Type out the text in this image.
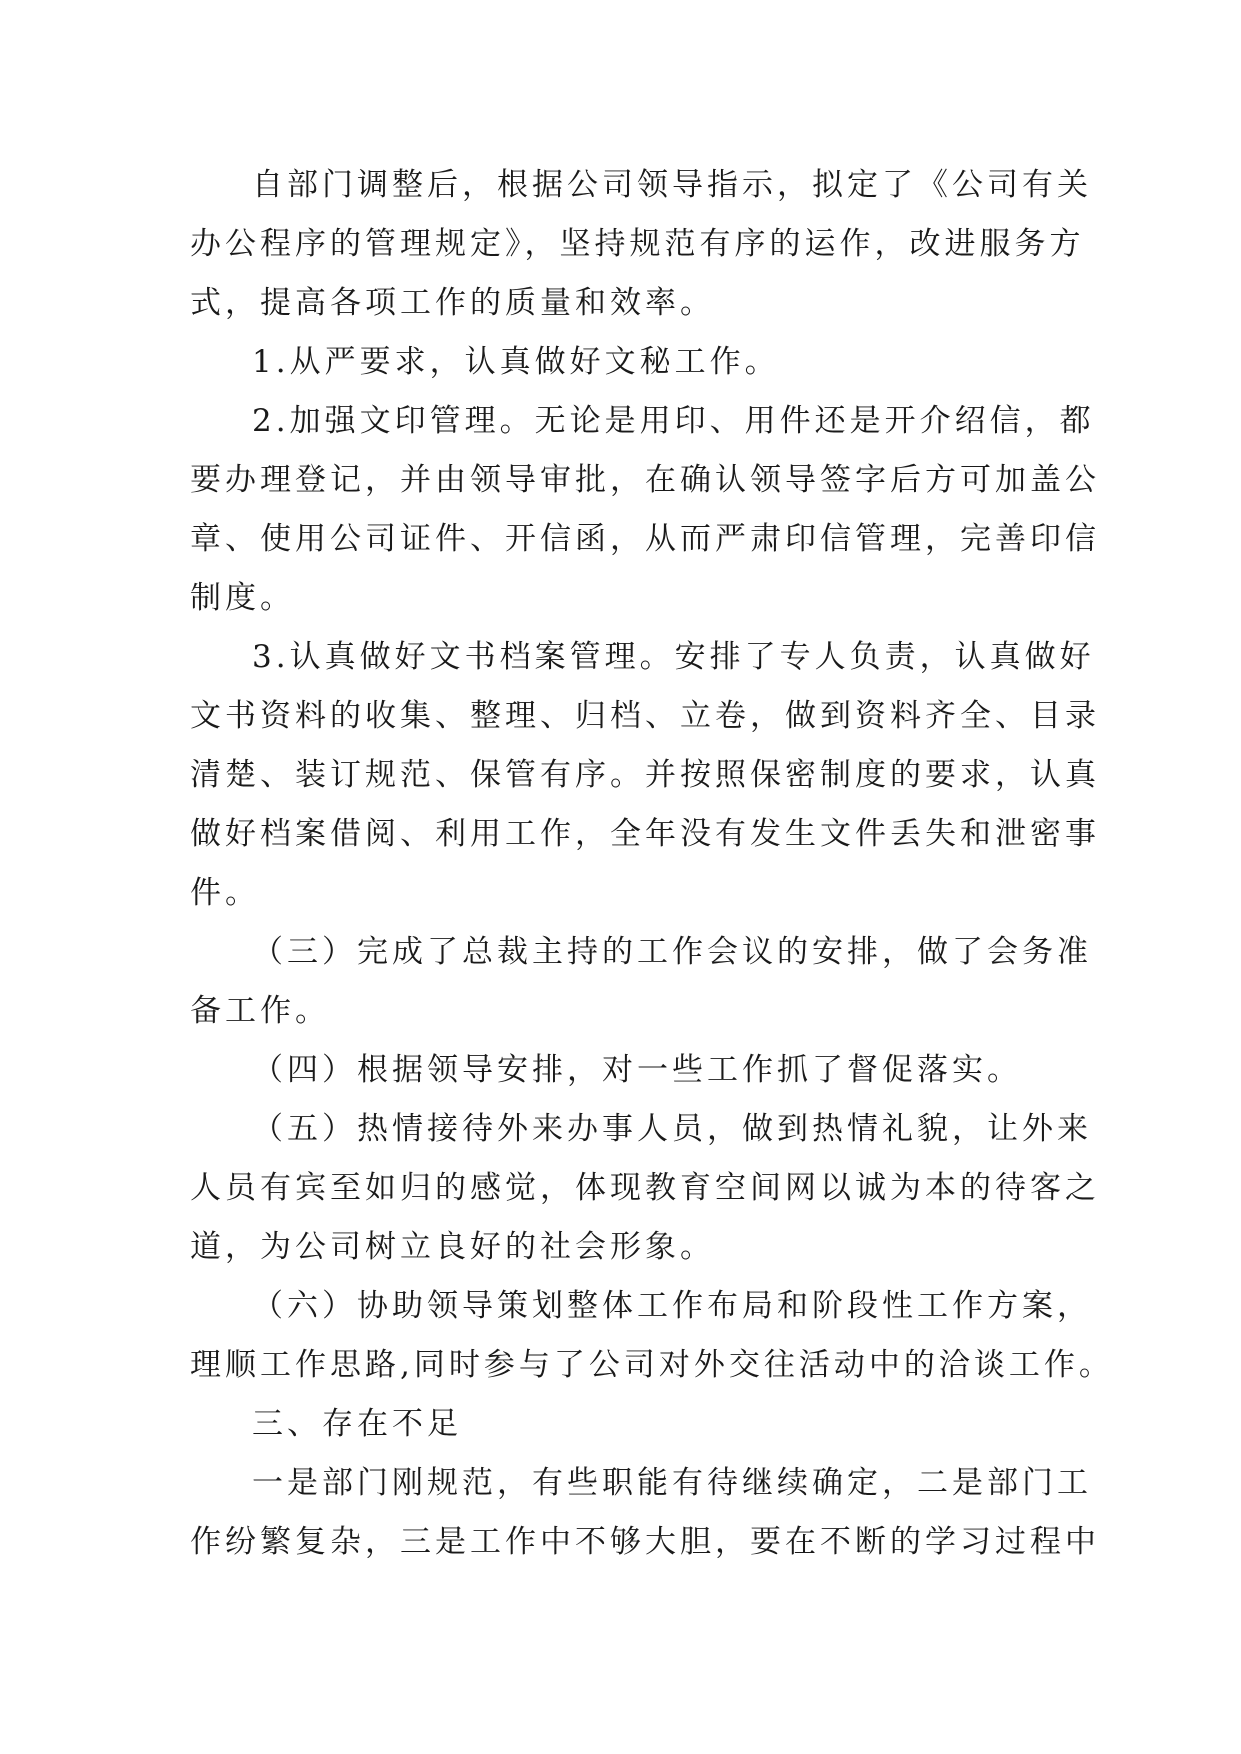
自部门调整后，根据公司领导指示，拟定了《公司有关
办公程序的管理规定》，坚持规范有序的运作，改进服务方
式，提高各项工作的质量和效率。
1.从严要求，认真做好文秘工作。
2.加强文印管理。无论是用印、用件还是开介绍信，都
要办理登记，并由领导审批，在确认领导签字后方可加盖公
章、使用公司证件、开信函，从而严肃印信管理，完善印信
制度。
3.认真做好文书档案管理。安排了专人负责，认真做好
文书资料的收集、整理、归档、立卷，做到资料齐全、目录
清楚、装订规范、保管有序。并按照保密制度的要求，认真
做好档案借阅、利用工作，全年没有发生文件丢失和泄密事
件。
（三）完成了总裁主持的工作会议的安排，做了会务准
备工作。
（四）根据领导安排，对一些工作抓了督促落实。
（五）热情接待外来办事人员，做到热情礼貌，让外来
人员有宾至如归的感觉，体现教育空间网以诚为本的待客之
道，为公司树立良好的社会形象。
（六）协助领导策划整体工作布局和阶段性工作方案，
理顺工作思路,同时参与了公司对外交往活动中的洽谈工作。
三、存在不足
一是部门刚规范，有些职能有待继续确定，二是部门工
作纷繁复杂，三是工作中不够大胆，要在不断的学习过程中
